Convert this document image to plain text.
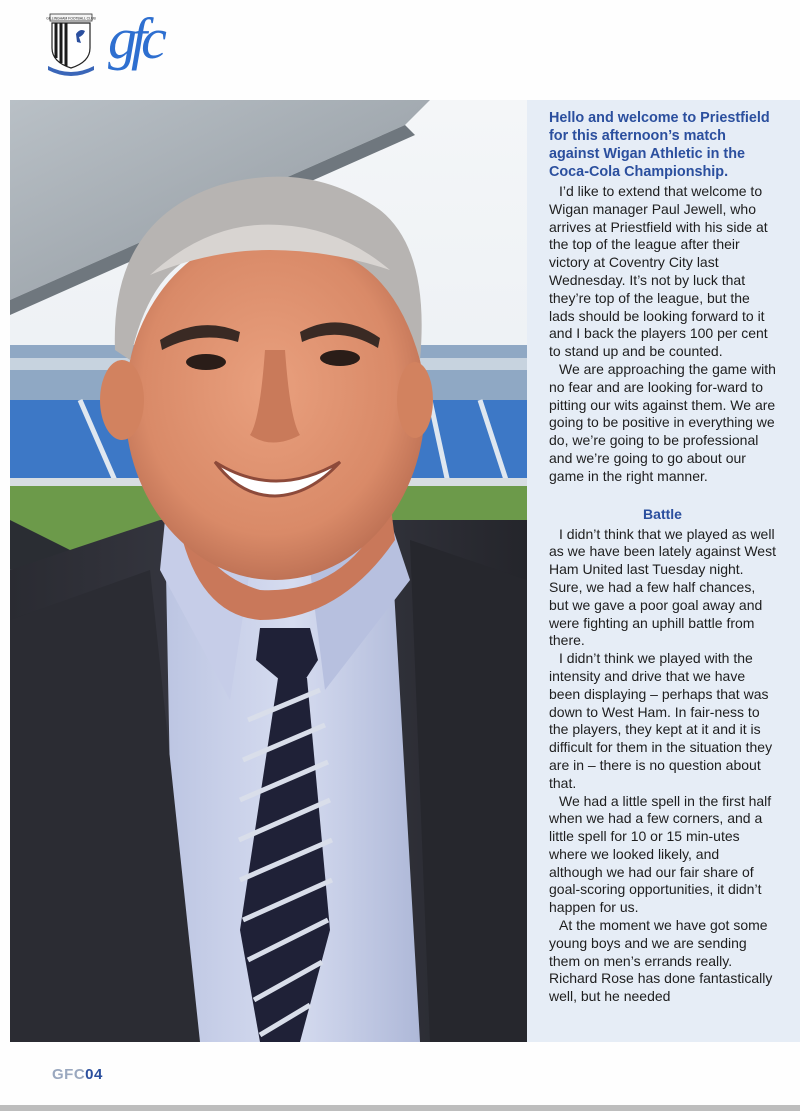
GILLINGHAM FOOTBALL CLUB gfc

Hello and welcome to Priestfield for this afternoon’s match against Wigan Athletic in the Coca-Cola Championship.

I’d like to extend that welcome to Wigan manager Paul Jewell, who arrives at Priestfield with his side at the top of the league after their victory at Coventry City last Wednesday. It’s not by luck that they’re top of the league, but the lads should be looking forward to it and I back the players 100 per cent to stand up and be counted.

We are approaching the game with no fear and are looking for-ward to pitting our wits against them. We are going to be positive in everything we do, we’re going to be professional and we’re going to go about our game in the right manner.

Battle

I didn’t think that we played as well as we have been lately against West Ham United last Tuesday night. Sure, we had a few half chances, but we gave a poor goal away and were fighting an uphill battle from there.

I didn’t think we played with the intensity and drive that we have been displaying – perhaps that was down to West Ham. In fair-ness to the players, they kept at it and it is difficult for them in the situation they are in – there is no question about that.

We had a little spell in the first half when we had a few corners, and a little spell for 10 or 15 min-utes where we looked likely, and although we had our fair share of goal-scoring opportunities, it didn’t happen for us.

At the moment we have got some young boys and we are sending them on men’s errands really. Richard Rose has done fantastically well, but he needed

GFC04
